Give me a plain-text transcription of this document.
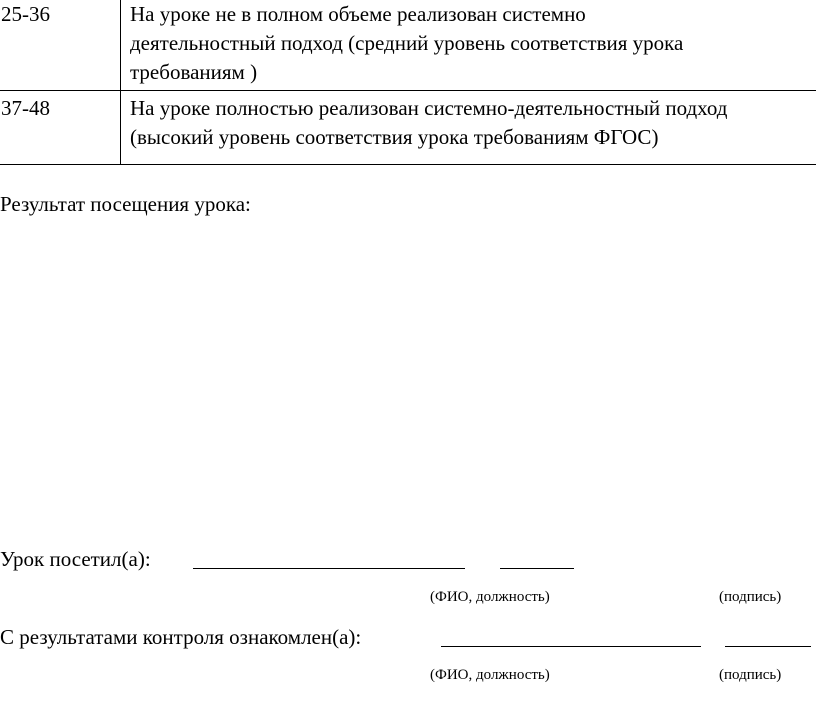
25-36	На уроке не в полном объеме реализован системно
деятельностный подход (средний уровень соответствия урока
требованиям )

37-48	На уроке полностью реализован системно-деятельностный подход
(высокий уровень соответствия урока требованиям ФГОС)
Результат посещения урока:
Урок посетил(а):
(ФИО, должность)	(подпись)
С результатами контроля ознакомлен(а):
(ФИО, должность)	(подпись)
